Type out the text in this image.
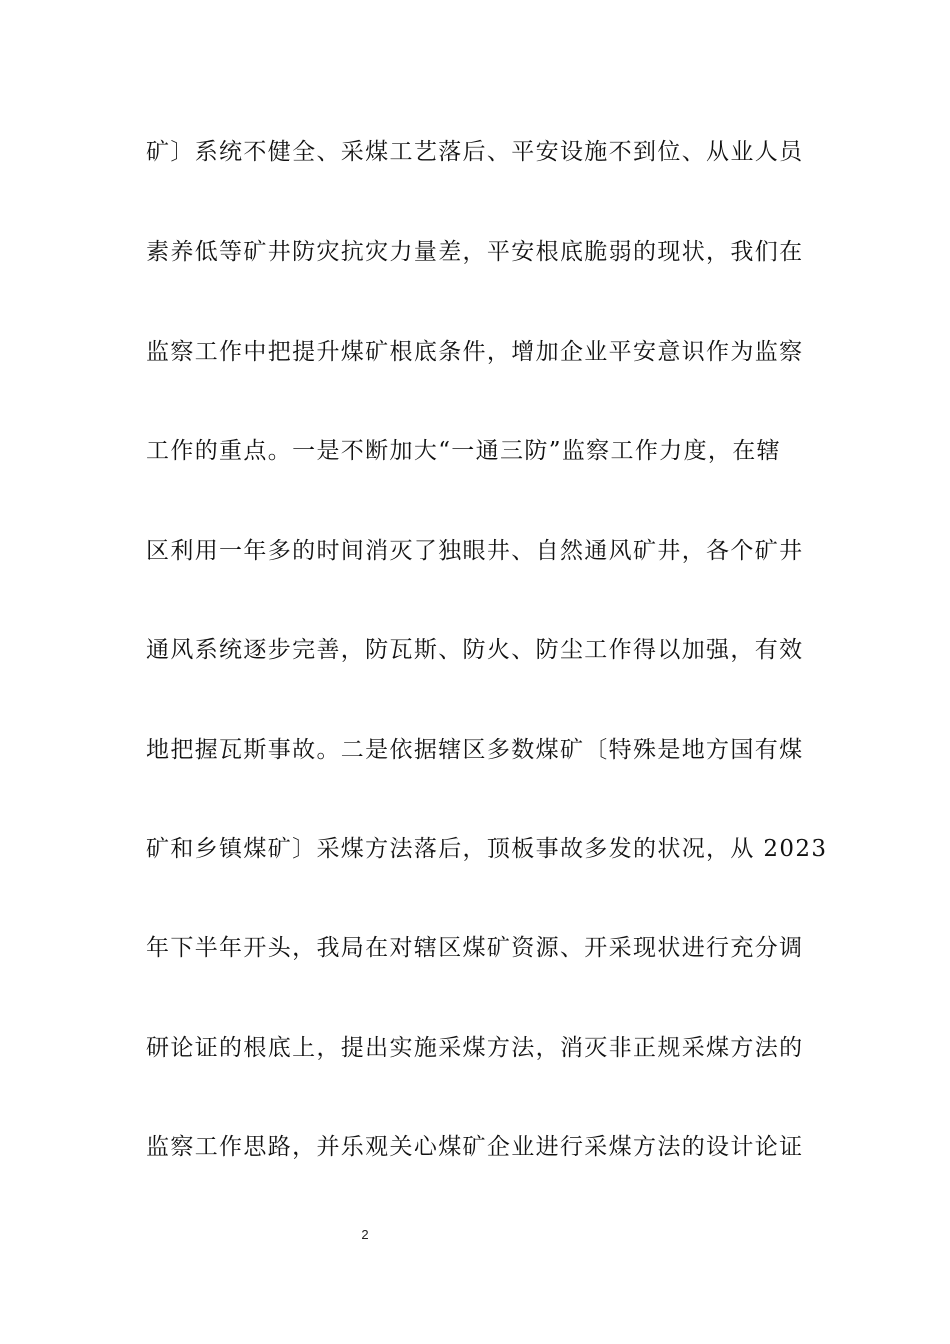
矿〕系统不健全、采煤工艺落后、平安设施不到位、从业人员
素养低等矿井防灾抗灾力量差，平安根底脆弱的现状，我们在
监察工作中把提升煤矿根底条件，增加企业平安意识作为监察
工作的重点。一是不断加大“一通三防”监察工作力度，在辖
区利用一年多的时间消灭了独眼井、自然通风矿井，各个矿井
通风系统逐步完善，防瓦斯、防火、防尘工作得以加强，有效
地把握瓦斯事故。二是依据辖区多数煤矿〔特殊是地方国有煤
矿和乡镇煤矿〕采煤方法落后，顶板事故多发的状况，从 2023
年下半年开头，我局在对辖区煤矿资源、开采现状进行充分调
研论证的根底上，提出实施采煤方法，消灭非正规采煤方法的
监察工作思路，并乐观关心煤矿企业进行采煤方法的设计论证
2
